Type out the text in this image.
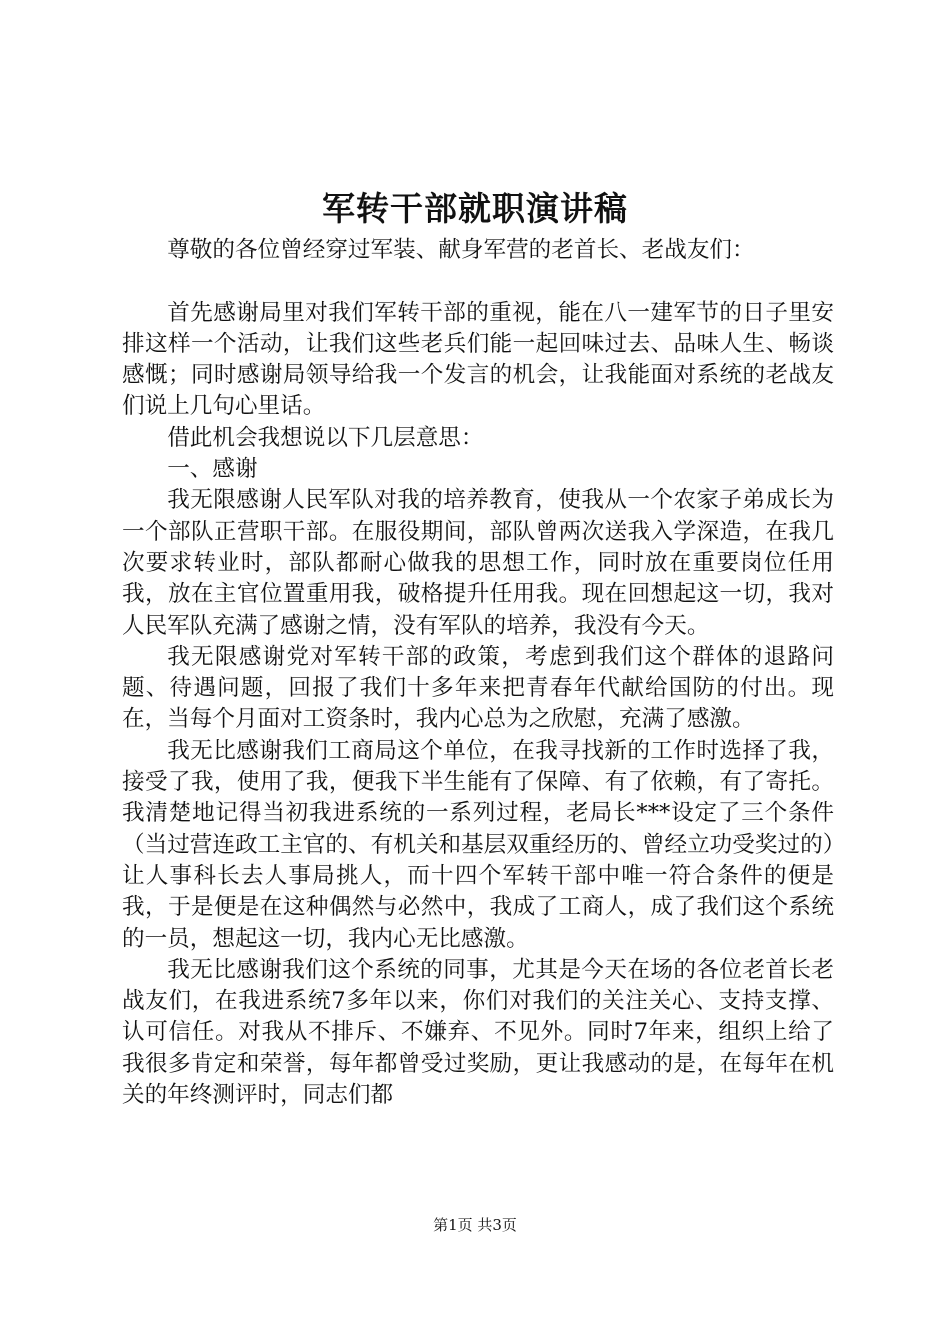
军转干部就职演讲稿

尊敬的各位曾经穿过军装、献身军营的老首长、老战友们：

首先感谢局里对我们军转干部的重视，能在八一建军节的日子里安排这样一个活动，让我们这些老兵们能一起回味过去、品味人生、畅谈感慨；同时感谢局领导给我一个发言的机会，让我能面对系统的老战友们说上几句心里话。

借此机会我想说以下几层意思：

一、感谢

我无限感谢人民军队对我的培养教育，使我从一个农家子弟成长为一个部队正营职干部。在服役期间，部队曾两次送我入学深造，在我几次要求转业时，部队都耐心做我的思想工作，同时放在重要岗位任用我，放在主官位置重用我，破格提升任用我。现在回想起这一切，我对人民军队充满了感谢之情，没有军队的培养，我没有今天。

我无限感谢党对军转干部的政策，考虑到我们这个群体的退路问题、待遇问题，回报了我们十多年来把青春年代献给国防的付出。现在，当每个月面对工资条时，我内心总为之欣慰，充满了感激。

我无比感谢我们工商局这个单位，在我寻找新的工作时选择了我，接受了我，使用了我，便我下半生能有了保障、有了依赖，有了寄托。我清楚地记得当初我进系统的一系列过程，老局长***设定了三个条件（当过营连政工主官的、有机关和基层双重经历的、曾经立功受奖过的）让人事科长去人事局挑人，而十四个军转干部中唯一符合条件的便是我，于是便是在这种偶然与必然中，我成了工商人，成了我们这个系统的一员，想起这一切，我内心无比感激。

我无比感谢我们这个系统的同事，尤其是今天在场的各位老首长老战友们，在我进系统7多年以来，你们对我们的关注关心、支持支撑、认可信任。对我从不排斥、不嫌弃、不见外。同时7年来，组织上给了我很多肯定和荣誉，每年都曾受过奖励，更让我感动的是，在每年在机关的年终测评时，同志们都

第1页 共3页
